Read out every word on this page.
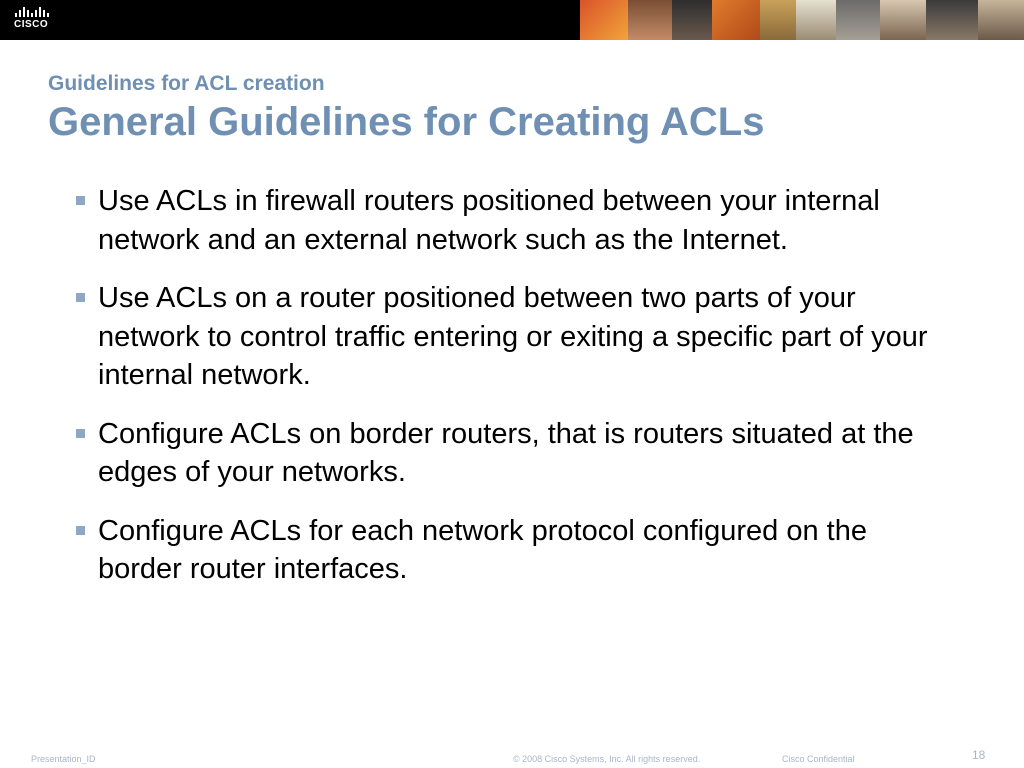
CISCO
Guidelines for ACL creation
General Guidelines for Creating ACLs
Use ACLs in firewall routers positioned between your internal network and an external network such as the Internet.
Use ACLs on a router positioned between two parts of your network to control traffic entering or exiting a specific part of your internal network.
Configure ACLs on border routers, that is routers situated at the edges of your networks.
Configure ACLs for each network protocol configured on the border router interfaces.
Presentation_ID	© 2008 Cisco Systems, Inc. All rights reserved.	Cisco Confidential	18
